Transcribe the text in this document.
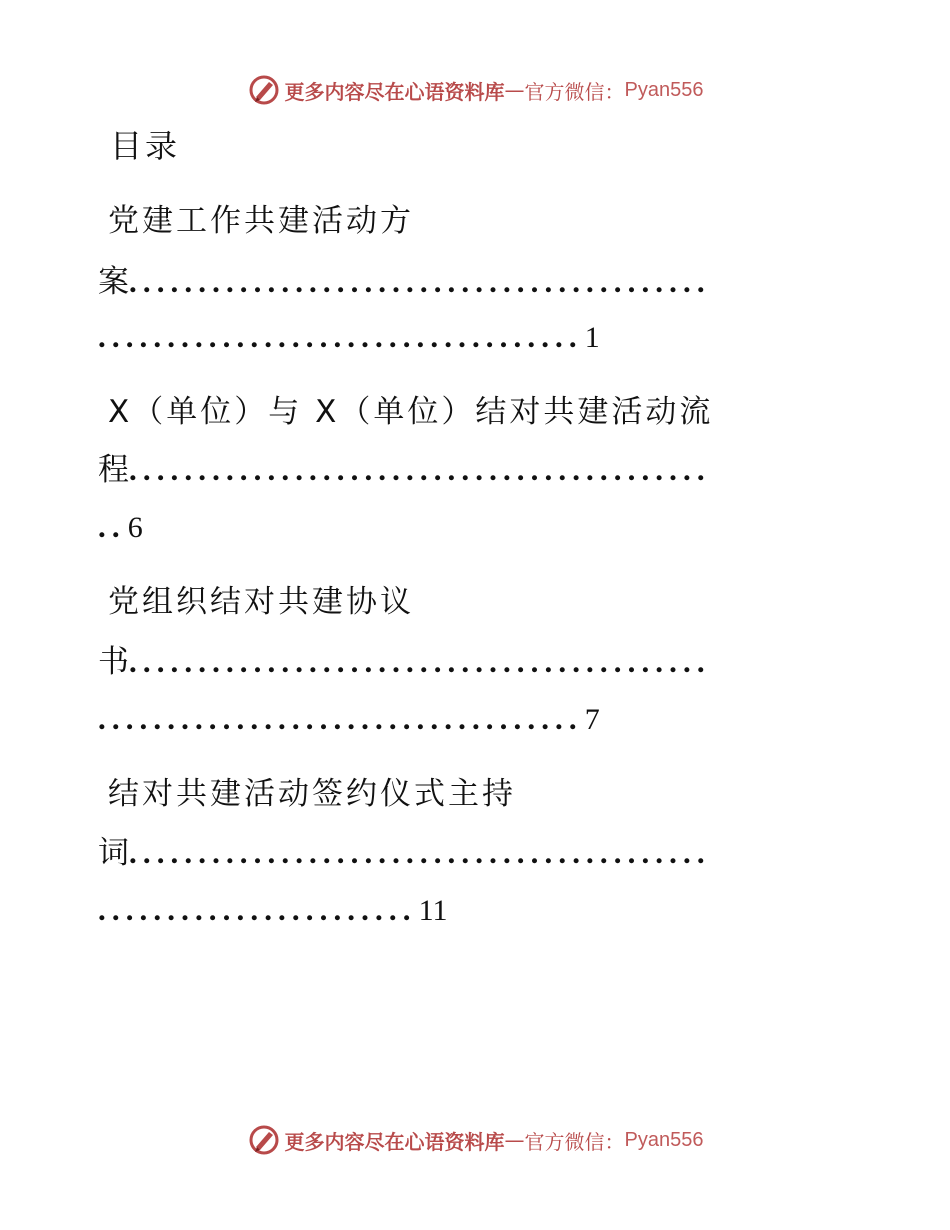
更多内容尽在心语资料库 — 官方微信： Pyan556
目录
党建工作共建活动方
案..........................................
...................................1
X（单位）与 X（单位）结对共建活动流
程..........................................
..6
党组织结对共建协议
书..........................................
...................................7
结对共建活动签约仪式主持
词..........................................
.......................11
更多内容尽在心语资料库 — 官方微信： Pyan556
